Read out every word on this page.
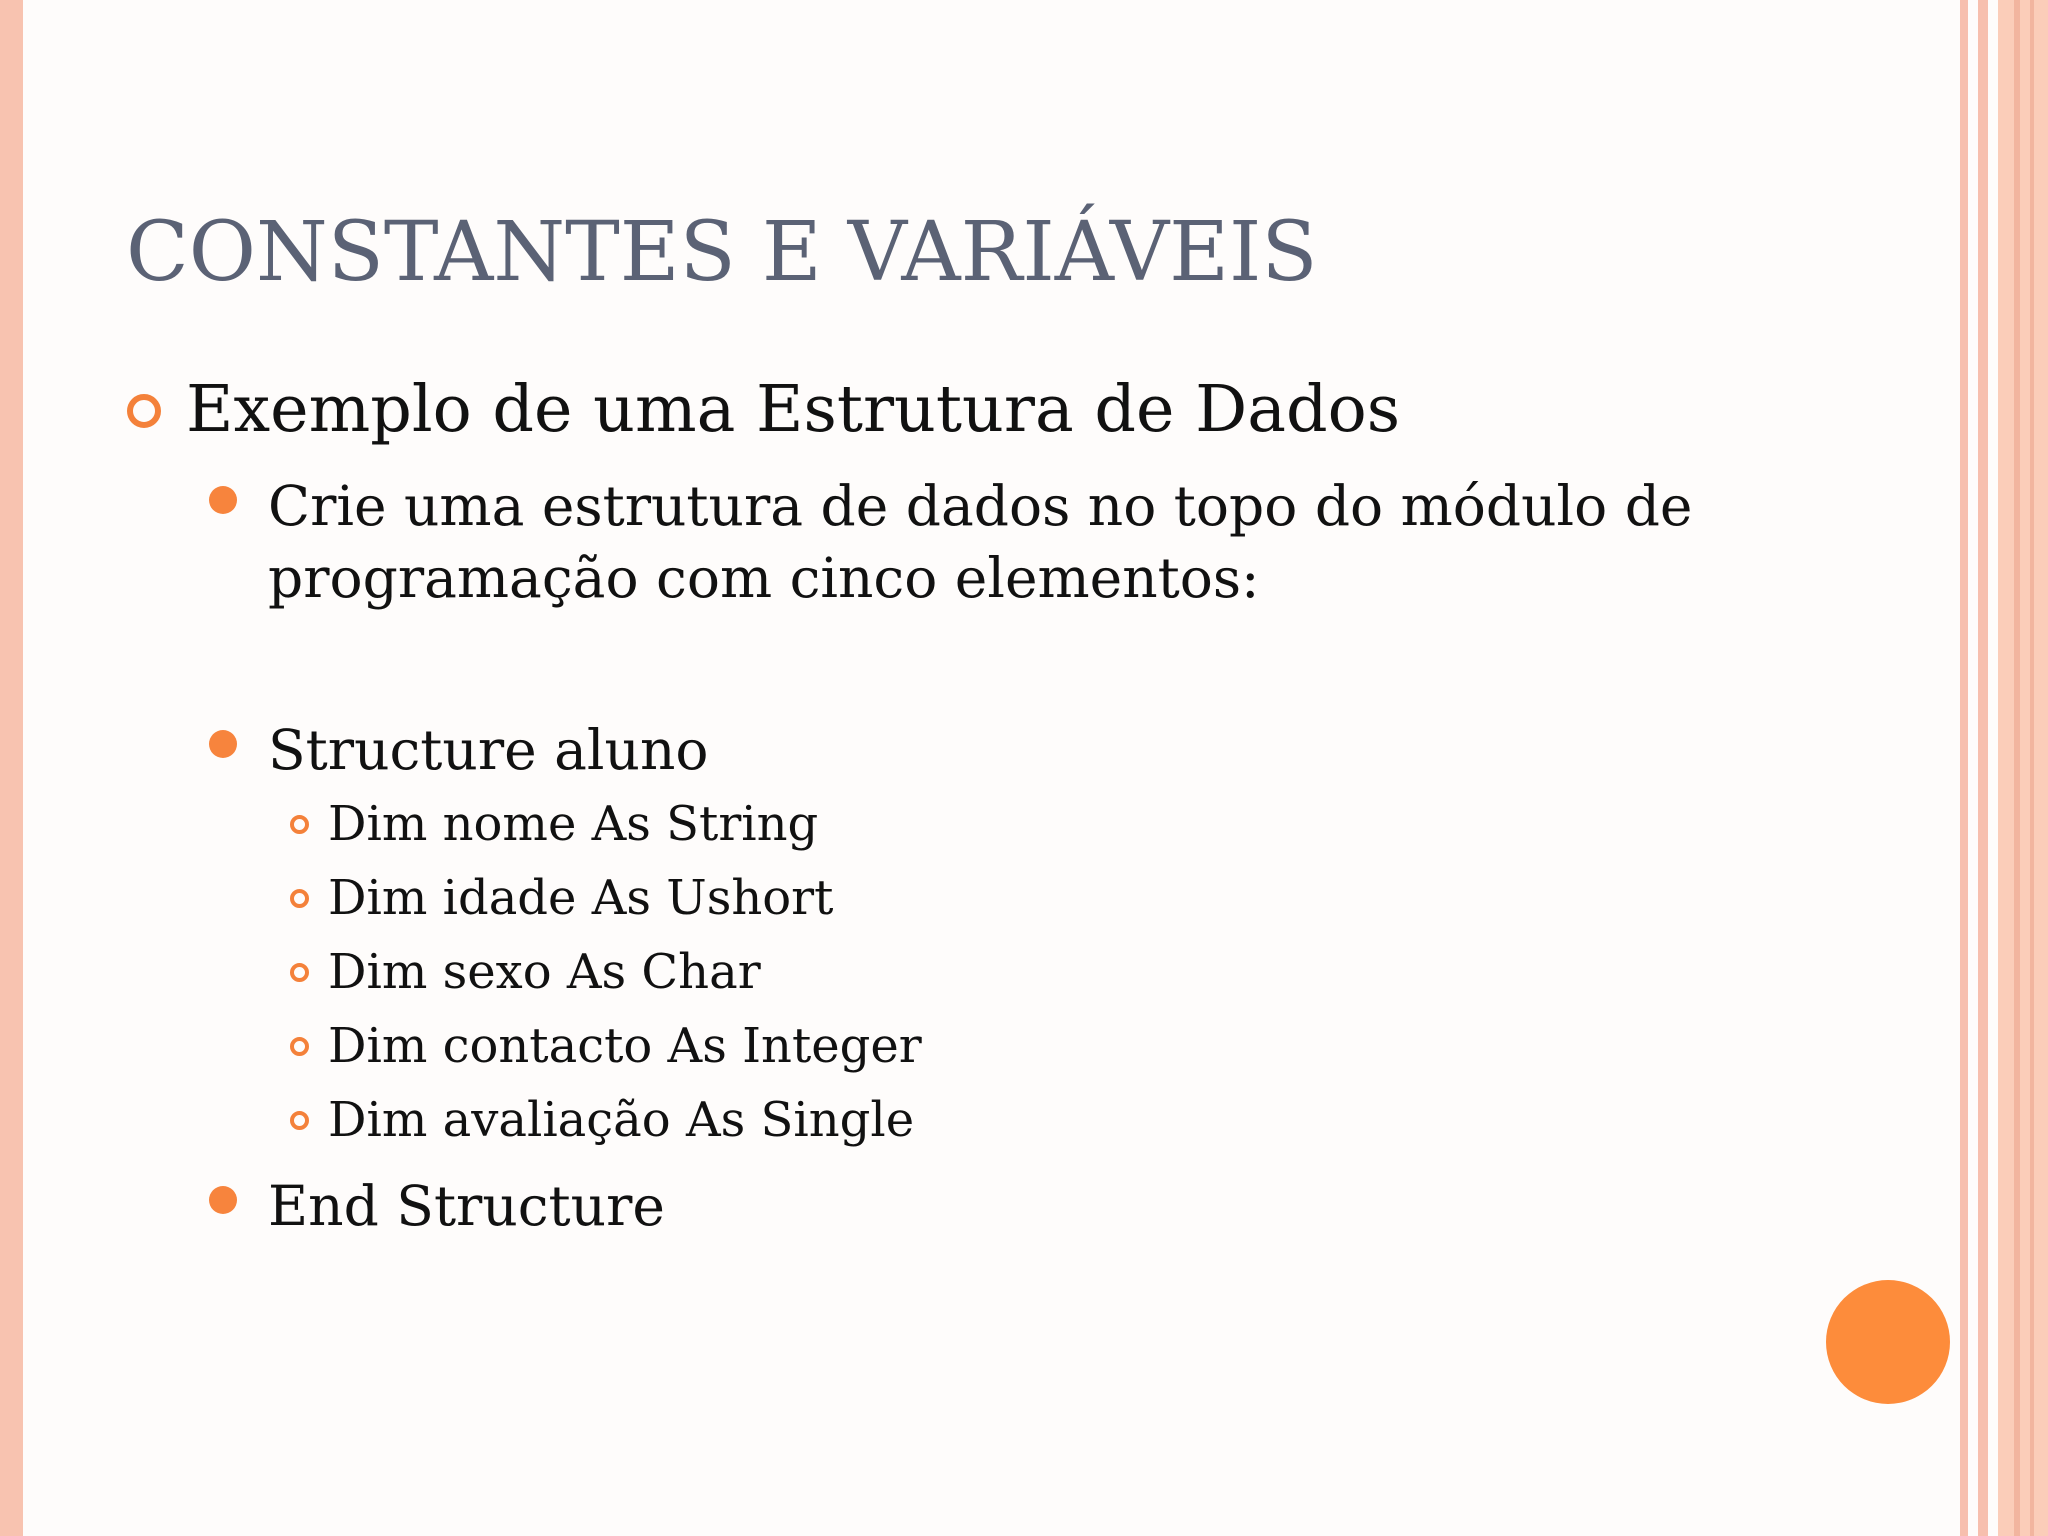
CONSTANTES E VARIÁVEIS
Exemplo de uma Estrutura de Dados
Crie uma estrutura de dados no topo do módulo de
programação com cinco elementos:
Structure aluno
Dim nome As String
Dim idade As Ushort
Dim sexo As Char
Dim contacto As Integer
Dim avaliação As Single
End Structure
